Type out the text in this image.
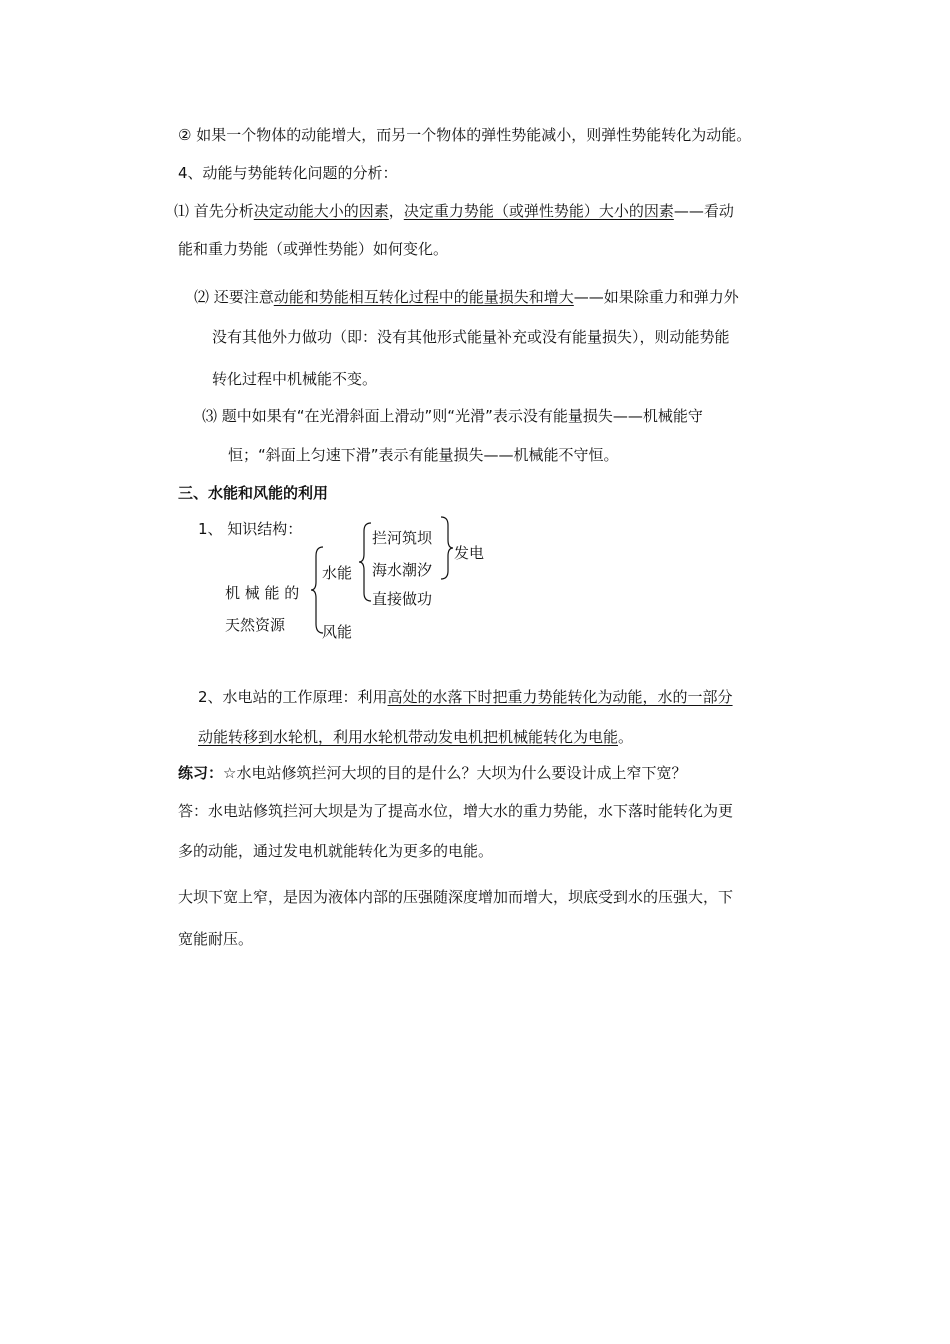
② 如果一个物体的动能增大，而另一个物体的弹性势能减小，则弹性势能转化为动能。
4、动能与势能转化问题的分析：
⑴ 首先分析决定动能大小的因素，决定重力势能（或弹性势能）大小的因素——看动
能和重力势能（或弹性势能）如何变化。
⑵ 还要注意动能和势能相互转化过程中的能量损失和增大——如果除重力和弹力外
没有其他外力做功（即：没有其他形式能量补充或没有能量损失），则动能势能
转化过程中机械能不变。
⑶ 题中如果有“在光滑斜面上滑动”则“光滑”表示没有能量损失——机械能守
恒；“斜面上匀速下滑”表示有能量损失——机械能不守恒。
三、水能和风能的利用
1、 知识结构：
机 械 能 的
天然资源
水能
风能
拦河筑坝
海水潮汐
直接做功
发电
2、水电站的工作原理：利用高处的水落下时把重力势能转化为动能，水的一部分
动能转移到水轮机，利用水轮机带动发电机把机械能转化为电能。
练习：☆水电站修筑拦河大坝的目的是什么？大坝为什么要设计成上窄下宽？
答：水电站修筑拦河大坝是为了提高水位，增大水的重力势能，水下落时能转化为更
多的动能，通过发电机就能转化为更多的电能。
大坝下宽上窄，是因为液体内部的压强随深度增加而增大，坝底受到水的压强大，下
宽能耐压。
